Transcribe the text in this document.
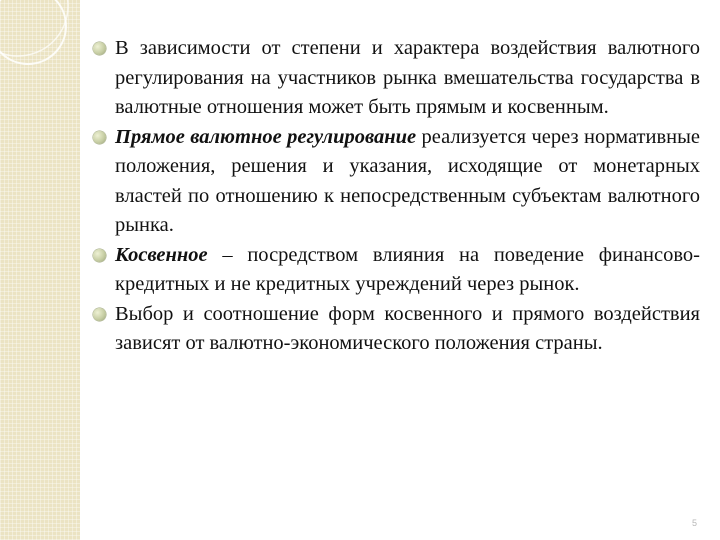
В зависимости от степени и характера воздействия валютного регулирования на участников рынка вмешательства государства в валютные отношения может быть прямым и косвенным.
Прямое валютное регулирование реализуется через нормативные положения, решения и указания, исходящие от монетарных властей по отношению к непосредственным субъектам валютного рынка.
Косвенное – посредством влияния на поведение финансово-кредитных и не кредитных учреждений через рынок.
Выбор и соотношение форм косвенного и прямого воздействия зависят от валютно-экономического положения страны.
5
